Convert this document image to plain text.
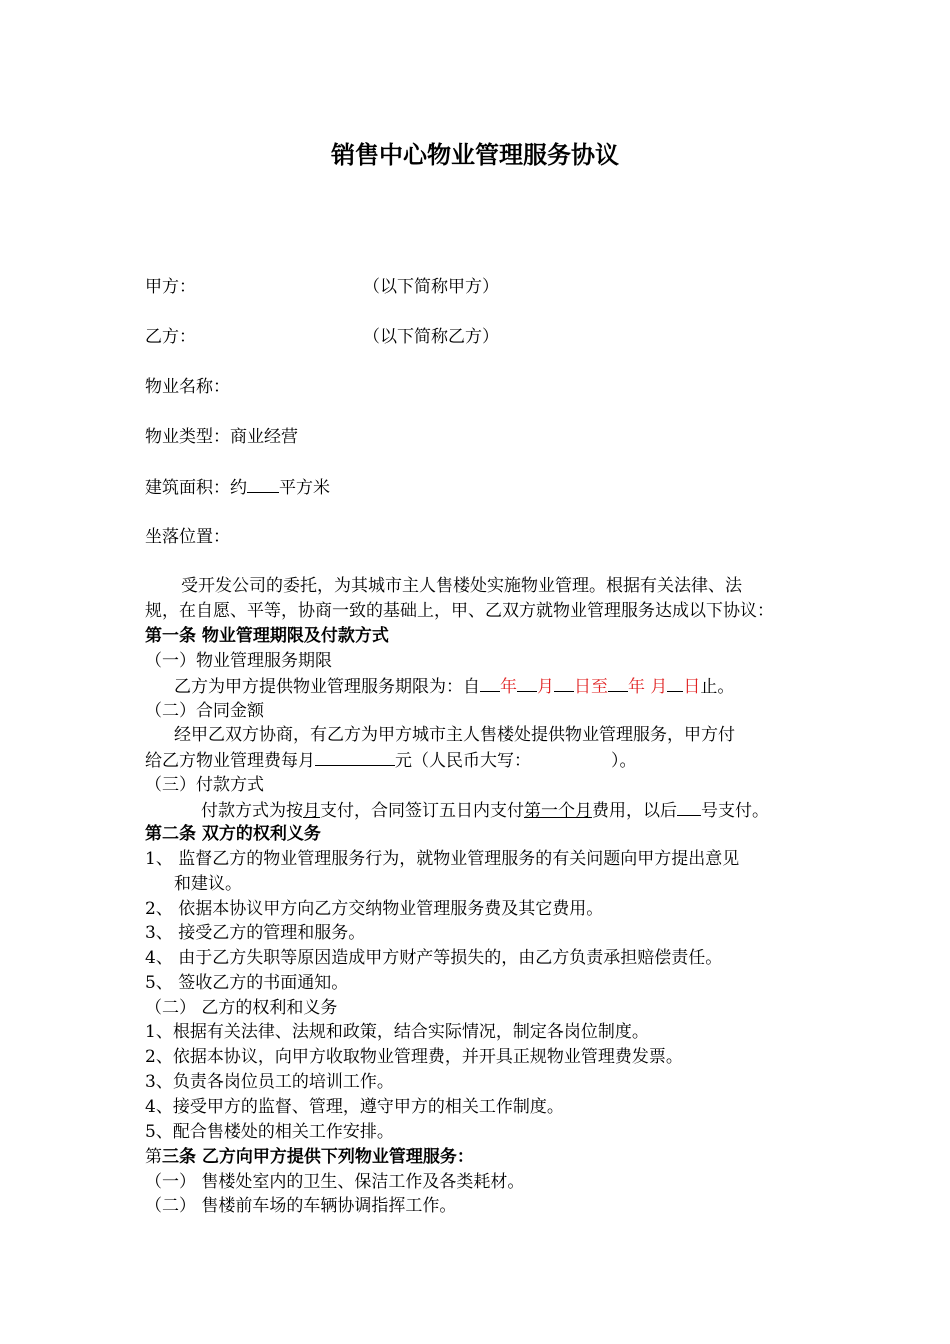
销售中心物业管理服务协议
甲方：	（以下简称甲方）
乙方：	（以下简称乙方）
物业名称：
物业类型：商业经营
建筑面积：约 平方米
坐落位置：
受开发公司的委托，为其城市主人售楼处实施物业管理。根据有关法律、法
规，在自愿、平等，协商一致的基础上，甲、乙双方就物业管理服务达成以下协议：
第一条 物业管理期限及付款方式
（一）物业管理服务期限
乙方为甲方提供物业管理服务期限为：自 年 月 日至 年 月 日止。
（二）合同金额
经甲乙双方协商，有乙方为甲方城市主人售楼处提供物业管理服务，甲方付
给乙方物业管理费每月	元（人民币大写：	）。
（三）付款方式
付款方式为按月支付，合同签订五日内支付第一个月费用，以后 号支付。
第二条 双方的权利义务
1、 监督乙方的物业管理服务行为，就物业管理服务的有关问题向甲方提出意见
和建议。
2、 依据本协议甲方向乙方交纳物业管理服务费及其它费用。
3、 接受乙方的管理和服务。
4、 由于乙方失职等原因造成甲方财产等损失的，由乙方负责承担赔偿责任。
5、 签收乙方的书面通知。
（二） 乙方的权利和义务
1、根据有关法律、法规和政策，结合实际情况，制定各岗位制度。
2、依据本协议，向甲方收取物业管理费，并开具正规物业管理费发票。
3、负责各岗位员工的培训工作。
4、接受甲方的监督、管理，遵守甲方的相关工作制度。
5、配合售楼处的相关工作安排。
第三条 乙方向甲方提供下列物业管理服务：
（一） 售楼处室内的卫生、保洁工作及各类耗材。
（二） 售楼前车场的车辆协调指挥工作。
